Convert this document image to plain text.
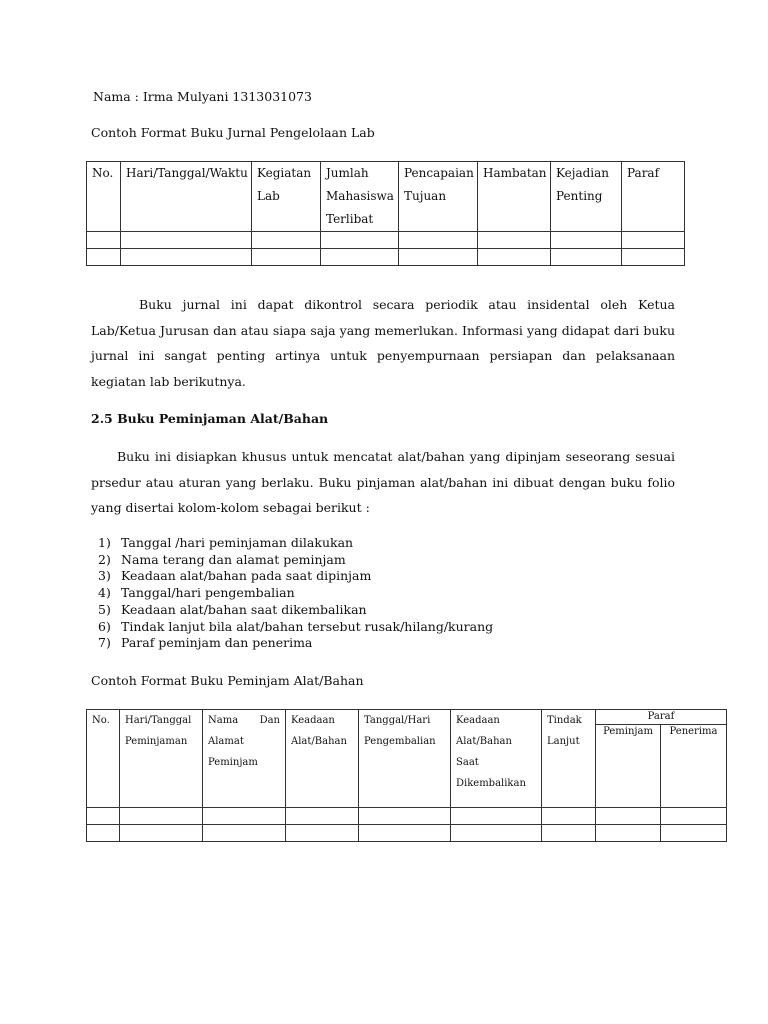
Nama : Irma Mulyani 1313031073
Contoh Format Buku Jurnal Pengelolaan Lab
No.	Hari/Tanggal/Waktu	Kegiatan Lab	Jumlah Mahasiswa Terlibat	Pencapaian Tujuan	Hambatan	Kejadian Penting	Paraf

Buku jurnal ini dapat dikontrol secara periodik atau insidental oleh Ketua Lab/Ketua Jurusan dan atau siapa saja yang memerlukan. Informasi yang didapat dari buku jurnal ini sangat penting artinya untuk penyempurnaan persiapan dan pelaksanaan kegiatan lab berikutnya.
2.5 Buku Peminjaman Alat/Bahan
Buku ini disiapkan khusus untuk mencatat alat/bahan yang dipinjam seseorang sesuai prsedur atau aturan yang berlaku. Buku pinjaman alat/bahan ini dibuat dengan buku folio yang disertai kolom-kolom sebagai berikut :
1) Tanggal /hari peminjaman dilakukan
2) Nama terang dan alamat peminjam
3) Keadaan alat/bahan pada saat dipinjam
4) Tanggal/hari pengembalian
5) Keadaan alat/bahan saat dikembalikan
6) Tindak lanjut bila alat/bahan tersebut rusak/hilang/kurang
7) Paraf peminjam dan penerima
Contoh Format Buku Peminjam Alat/Bahan
No.	Hari/Tanggal Peminjaman	Nama Dan Alamat Peminjam	Keadaan Alat/Bahan	Tanggal/Hari Pengembalian	Keadaan Alat/Bahan Saat Dikembalikan	Tindak Lanjut	Paraf	
							Peminjam	Penerima
